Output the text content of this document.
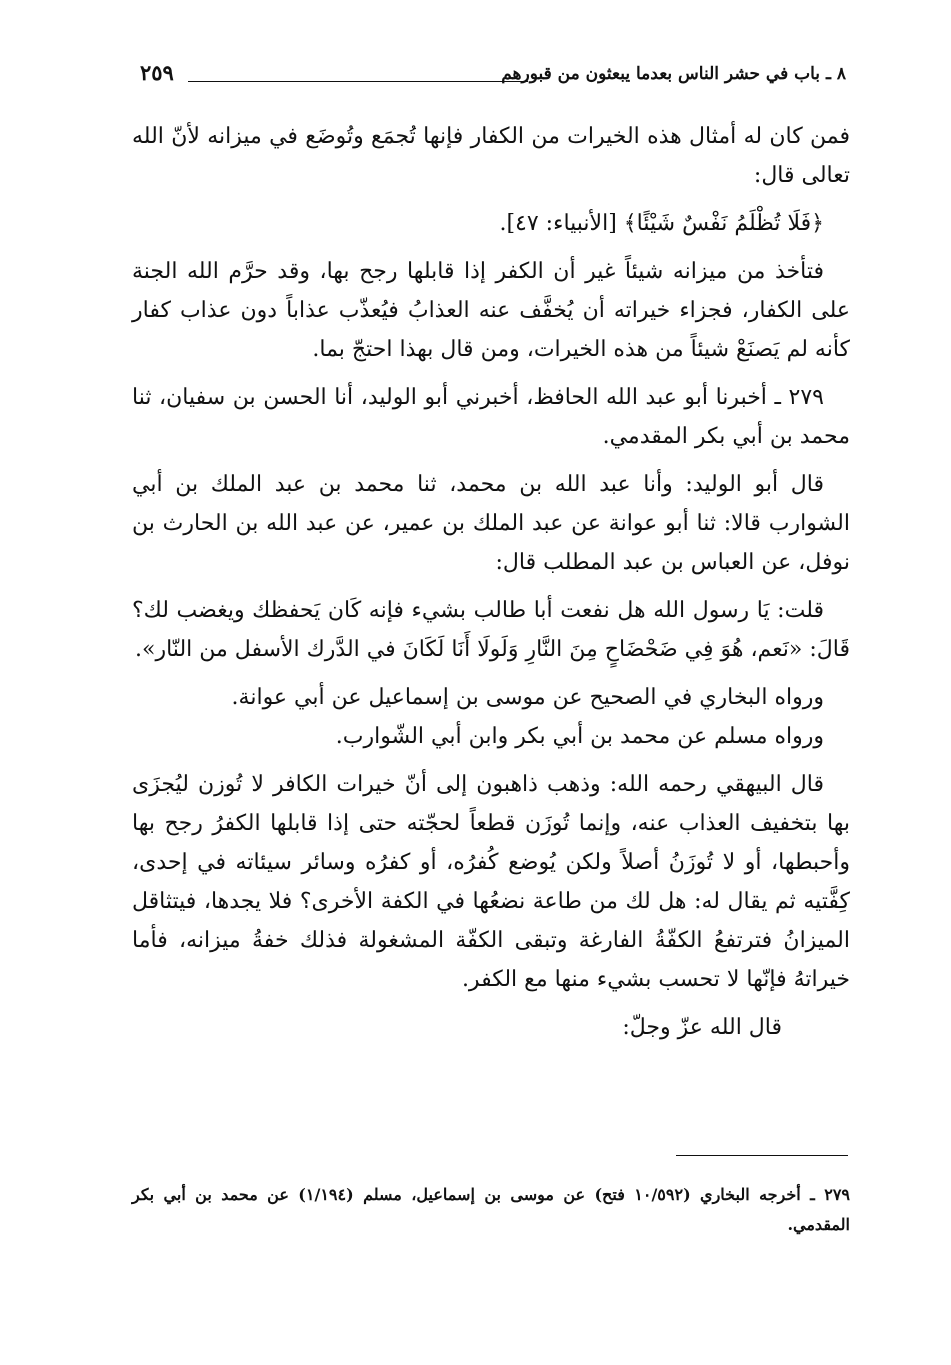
٨ ـ باب في حشر الناس بعدما يبعثون من قبورهم
٢٥٩

فمن كان له أمثال هذه الخيرات من الكفار فإنها تُجمَع وتُوضَع في ميزانه لأنّ الله تعالى قال:

﴿فَلَا تُظْلَمُ نَفْسٌ شَيْئًا﴾ [الأنبياء: ٤٧].

فتأخذ من ميزانه شيئاً غير أن الكفر إذا قابلها رجح بها، وقد حرَّم الله الجنة على الكفار، فجزاء خيراته أن يُخفَّف عنه العذابُ فيُعذّب عذاباً دون عذاب كفار كأنه لم يَصنَعْ شيئاً من هذه الخيرات، ومن قال بهذا احتجّ بما.

٢٧٩ ـ أخبرنا أبو عبد الله الحافظ، أخبرني أبو الوليد، أنا الحسن بن سفيان، ثنا محمد بن أبي بكر المقدمي.

قال أبو الوليد: وأنا عبد الله بن محمد، ثنا محمد بن عبد الملك بن أبي الشوارب قالا: ثنا أبو عوانة عن عبد الملك بن عمير، عن عبد الله بن الحارث بن نوفل، عن العباس بن عبد المطلب قال:

قلت: يَا رسول الله هل نفعت أبا طالب بشيء فإنه كَان يَحفظك ويغضب لك؟ قَالَ: «نَعم، هُوَ فِي ضَحْضَاحٍ مِنَ النَّارِ وَلَولَا أَنَا لَكَانَ في الدَّرك الأسفل من النّار».

ورواه البخاري في الصحيح عن موسى بن إسماعيل عن أبي عوانة.

ورواه مسلم عن محمد بن أبي بكر وابن أبي الشّوارب.

قال البيهقي رحمه الله: وذهب ذاهبون إلى أنّ خيرات الكافر لا تُوزن ليُجزَى بها بتخفيف العذاب عنه، وإنما تُوزَن قطعاً لحجّته حتى إذا قابلها الكفرُ رجح بها وأحبطها، أو لا تُوزَنُ أصلاً ولكن يُوضع كُفرُه، أو كفرُه وسائر سيئاته في إحدى، كِفَّتيه ثم يقال له: هل لك من طاعة نضعُها في الكفة الأخرى؟ فلا يجدها، فيتثاقل الميزانُ فترتفعُ الكفّةُ الفارغة وتبقى الكفّة المشغولة فذلك خفةُ ميزانه، فأما خيراتهُ فإنّها لا تحسب بشيء منها مع الكفر.

قال الله عزّ وجلّ:

٢٧٩ ـ أخرجه البخاري (١٠/٥٩٢ فتح) عن موسى بن إسماعيل، مسلم (١/١٩٤) عن محمد بن أبي بكر المقدمي.
